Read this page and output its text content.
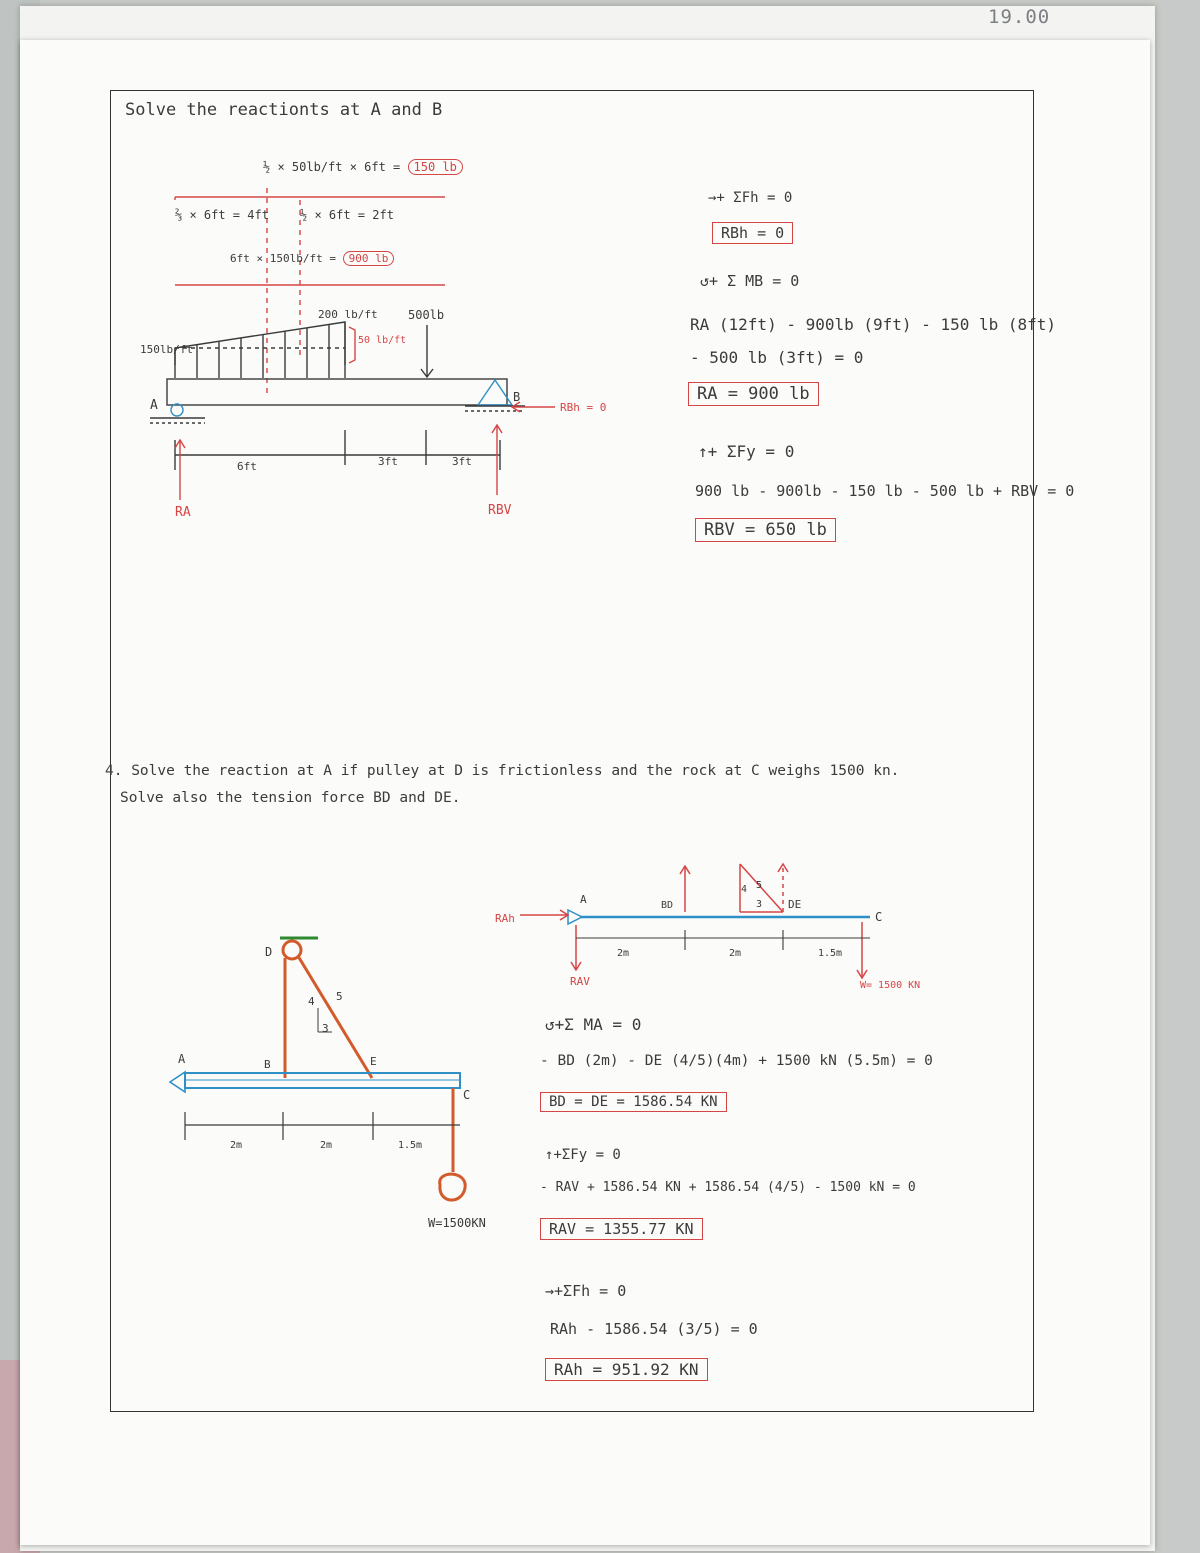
19.00
Solve the reactionts at A and B
½ × 50lb/ft × 6ft = 150 lb
⅔ × 6ft = 4ft	½ × 6ft = 2ft
6ft × 150lb/ft = 900 lb
200 lb/ft	500lb
150lb/ft
50 lb/ft
A
B
RBh = 0
6ft	3ft	3ft
RA	RBV
→+ ΣFh = 0
RBh = 0
↺+ Σ MB = 0
RA (12ft) - 900lb (9ft) - 150 lb (8ft)
- 500 lb (3ft) = 0
RA = 900 lb
↑+ ΣFy = 0
900 lb - 900lb - 150 lb - 500 lb + RBV = 0
RBV = 650 lb
4. Solve the reaction at A if pulley at D is frictionless and the rock at C weighs 1500 kn.
Solve also the tension force BD and DE.
D
4 5
3
A	B	E
C
2m	2m	1.5m
W=1500KN
RAh
A
RAV
BD
4 5
3 DE
C
2m	2m	1.5m
W= 1500 KN
↺+Σ MA = 0
- BD (2m) - DE (4/5)(4m) + 1500 kN (5.5m) = 0
BD = DE = 1586.54 KN
↑+ΣFy = 0
- RAV + 1586.54 KN + 1586.54 (4/5) - 1500 kN = 0
RAV = 1355.77 KN
→+ΣFh = 0
RAh - 1586.54 (3/5) = 0
RAh = 951.92 KN
